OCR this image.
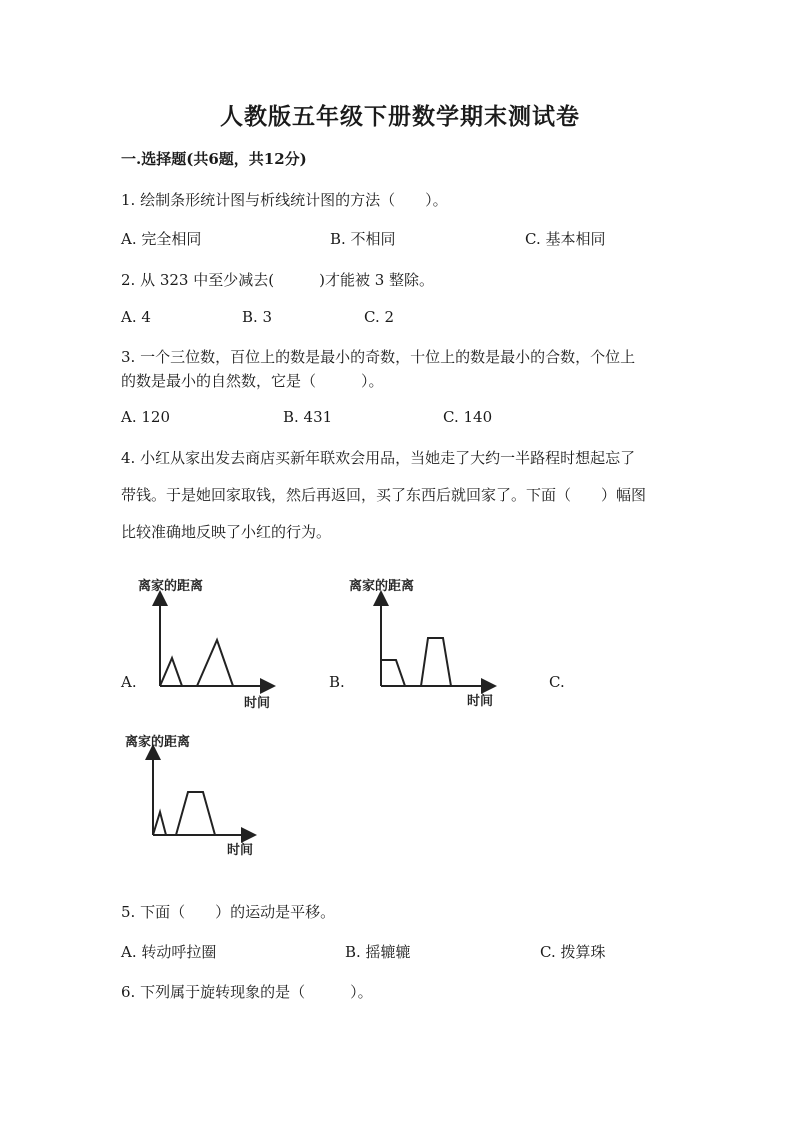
人教版五年级下册数学期末测试卷
一.选择题(共6题，共12分)
1. 绘制条形统计图与析线统计图的方法（　　）。
A. 完全相同	B. 不相同	C. 基本相同
2. 从 323 中至少减去(　　　)才能被 3 整除。
A. 4	B. 3	C. 2
3. 一个三位数，百位上的数是最小的奇数，十位上的数是最小的合数，个位上
的数是最小的自然数，它是（　　　）。
A. 120	B. 431	C. 140
4. 小红从家出发去商店买新年联欢会用品，当她走了大约一半路程时想起忘了
带钱。于是她回家取钱，然后再返回，买了东西后就回家了。下面（　　）幅图
比较准确地反映了小红的行为。
A.	B.	C.
离家的距离
时间
离家的距离
时间
离家的距离
时间
5. 下面（　　）的运动是平移。
A. 转动呼拉圈	B. 摇辘辘	C. 拨算珠
6. 下列属于旋转现象的是（　　　）。
